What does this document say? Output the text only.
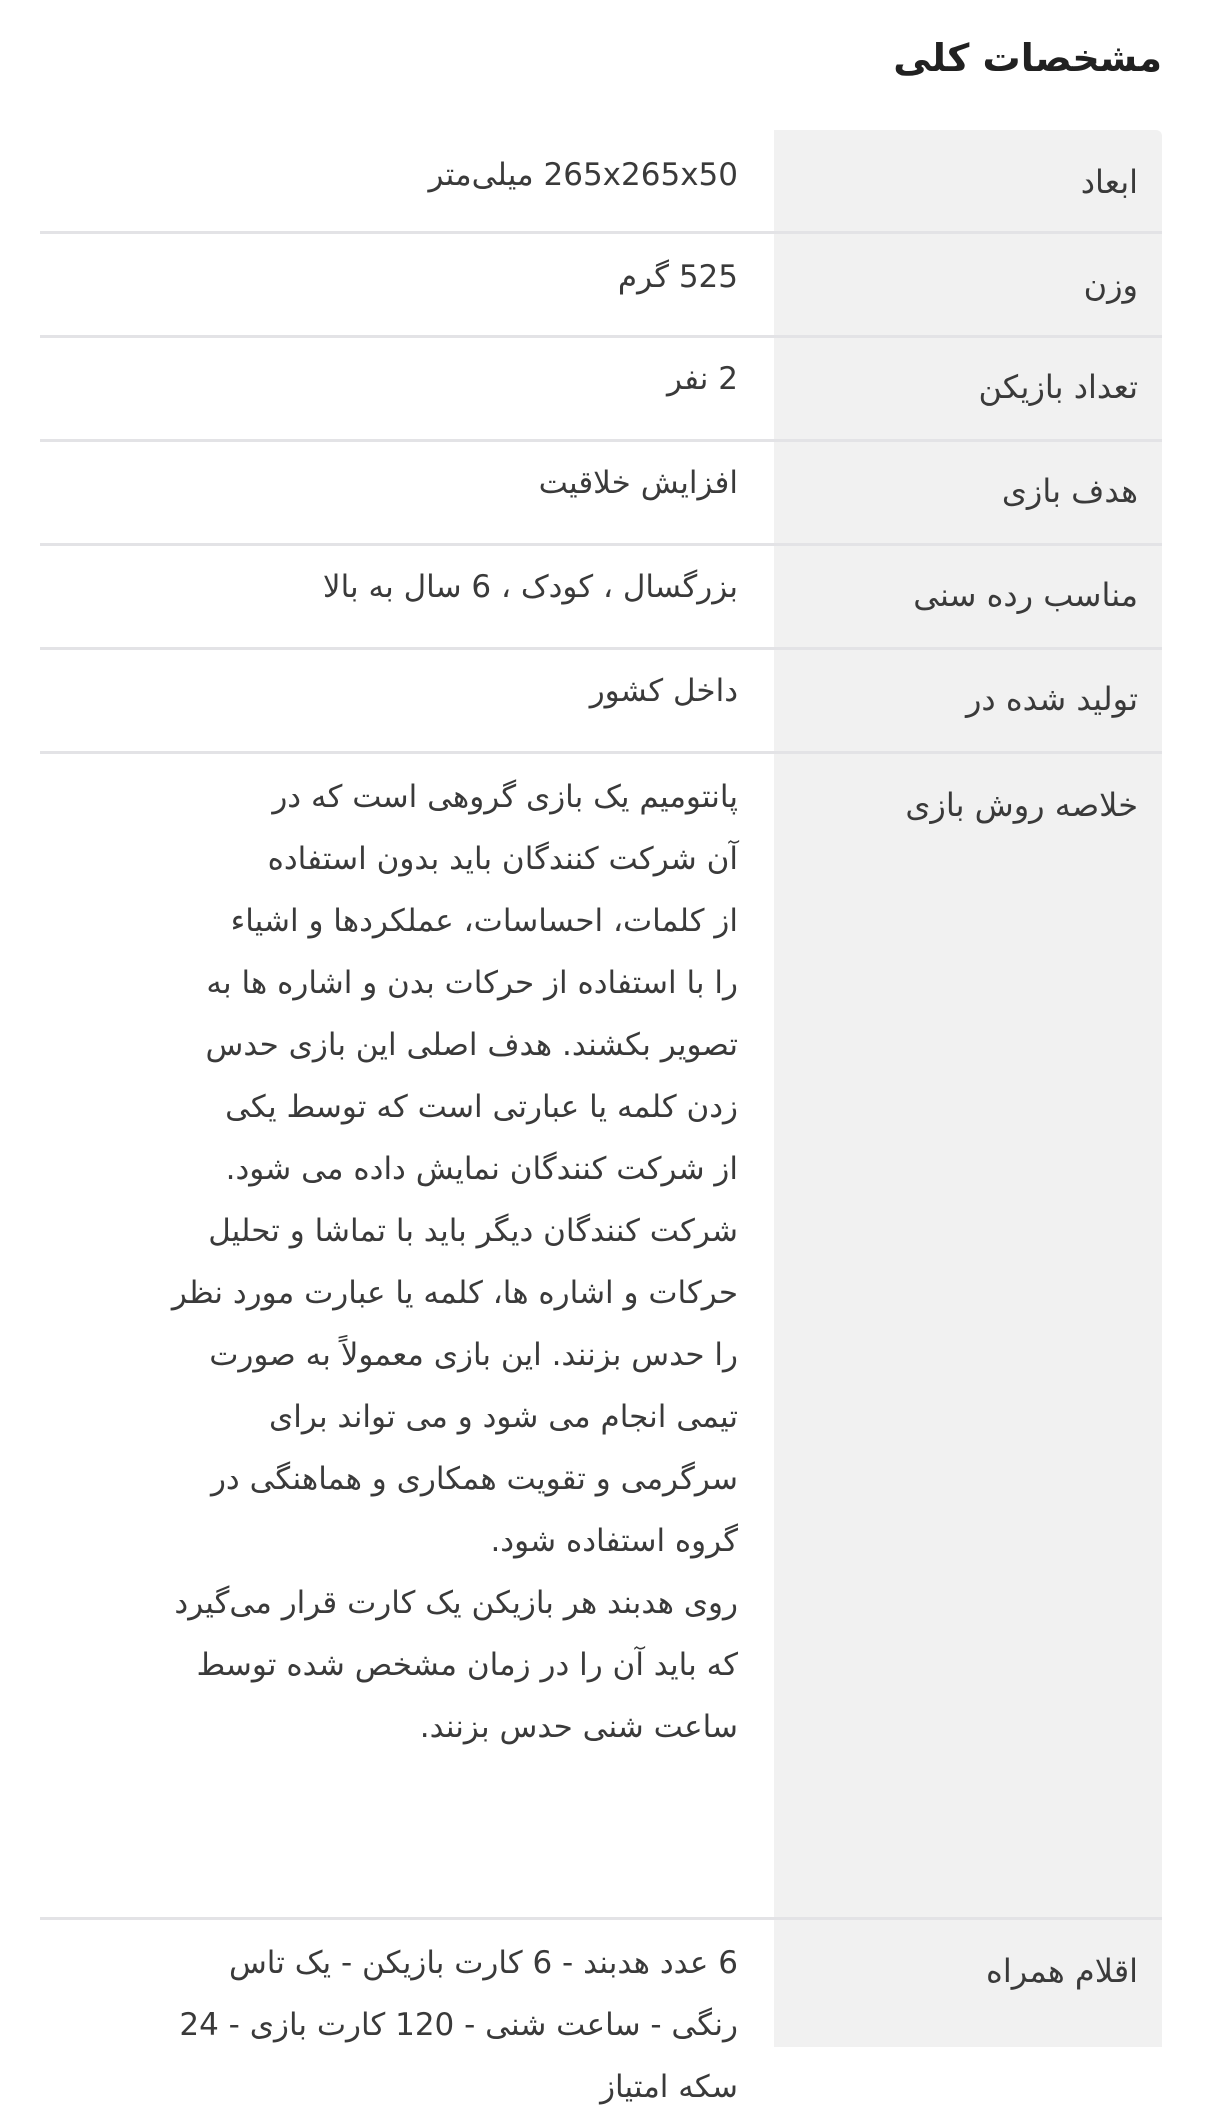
مشخصات کلی
ابعاد
265x265x50 میلی‌متر
وزن
525 گرم
تعداد بازیکن
2 نفر
هدف بازی
افزایش خلاقیت
مناسب رده سنی
بزرگسال ، کودک ، 6 سال به بالا
تولید شده در
داخل کشور
خلاصه روش بازی

پانتومیم یک بازی گروهی است که در

آن شرکت کنندگان باید بدون استفاده

از کلمات، احساسات، عملکردها و اشیاء

را با استفاده از حرکات بدن و اشاره ها به

تصویر بکشند. هدف اصلی این بازی حدس

زدن کلمه یا عبارتی است که توسط یکی

از شرکت کنندگان نمایش داده می شود.

شرکت کنندگان دیگر باید با تماشا و تحلیل

حرکات و اشاره ها، کلمه یا عبارت مورد نظر

را حدس بزنند. این بازی معمولاً به صورت

تیمی انجام می شود و می تواند برای

سرگرمی و تقویت همکاری و هماهنگی در

گروه استفاده شود.

روی هدبند هر بازیکن یک کارت قرار می‌گیرد

که باید آن را در زمان مشخص شده توسط

ساعت شنی حدس بزنند.

اقلام همراه

6 عدد هدبند - 6 کارت بازیکن - یک تاس

رنگی - ساعت شنی - 120 کارت بازی - 24

سکه امتیاز
